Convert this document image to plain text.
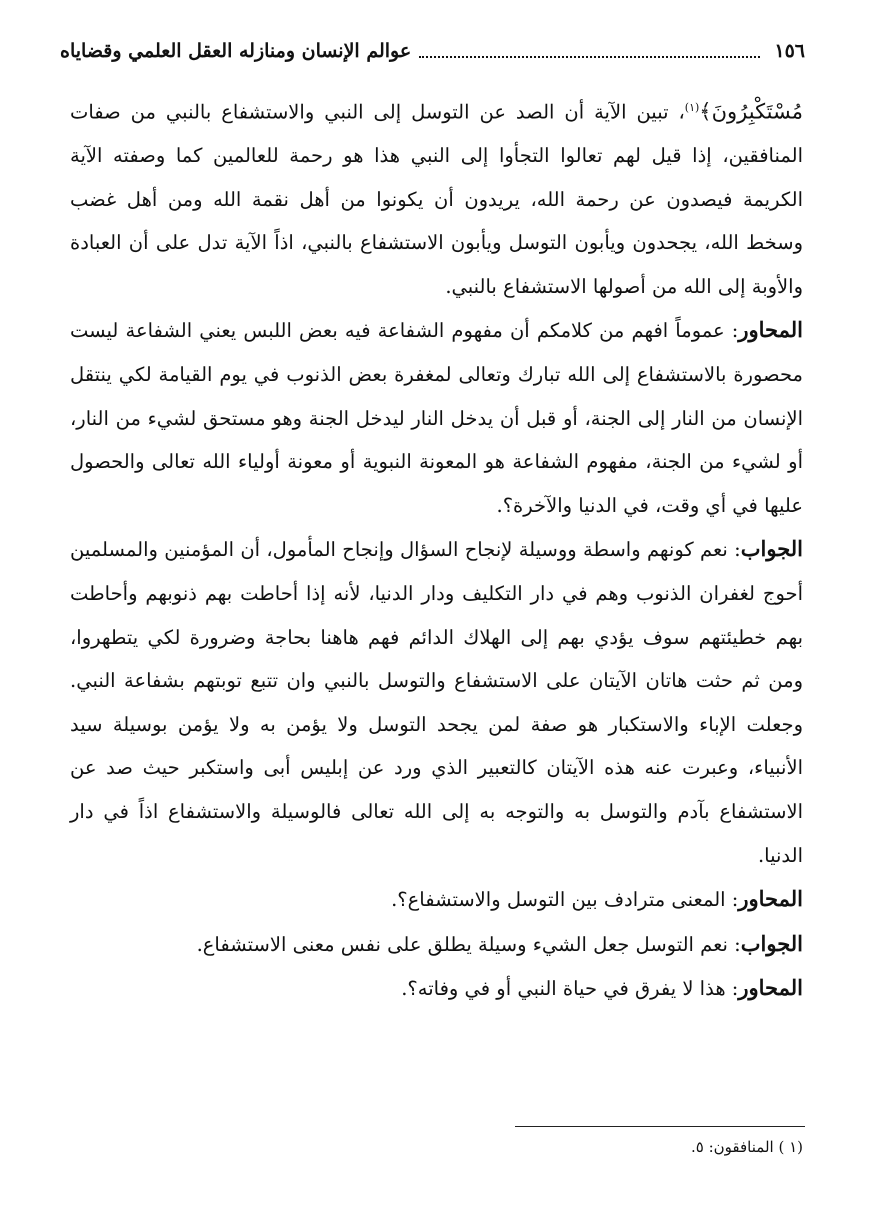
١٥٦
عوالم الإنسان ومنازله العقل العلمي وقضاياه

مُسْتَكْبِرُونَ﴾$^{(١)}$، تبين الآية أن الصد عن التوسل إلى النبي والاستشفاع بالنبي من صفات المنافقين، إذا قيل لهم تعالوا التجأوا إلى النبي هذا هو رحمة للعالمين كما وصفته الآية الكريمة فيصدون عن رحمة الله، يريدون أن يكونوا من أهل نقمة الله ومن أهل غضب وسخط الله، يجحدون ويأبون التوسل ويأبون الاستشفاع بالنبي، اذاً الآية تدل على أن العبادة والأوبة إلى الله من أصولها الاستشفاع بالنبي.

المحاور: عموماً افهم من كلامكم أن مفهوم الشفاعة فيه بعض اللبس يعني الشفاعة ليست محصورة بالاستشفاع إلى الله تبارك وتعالى لمغفرة بعض الذنوب في يوم القيامة لكي ينتقل الإنسان من النار إلى الجنة، أو قبل أن يدخل النار ليدخل الجنة وهو مستحق لشيء من النار، أو لشيء من الجنة، مفهوم الشفاعة هو المعونة النبوية أو معونة أولياء الله تعالى والحصول عليها في أي وقت، في الدنيا والآخرة؟.

الجواب: نعم كونهم واسطة ووسيلة لإنجاح السؤال وإنجاح المأمول، أن المؤمنين والمسلمين أحوج لغفران الذنوب وهم في دار التكليف ودار الدنيا، لأنه إذا أحاطت بهم ذنوبهم وأحاطت بهم خطيئتهم سوف يؤدي بهم إلى الهلاك الدائم فهم هاهنا بحاجة وضرورة لكي يتطهروا، ومن ثم حثت هاتان الآيتان على الاستشفاع والتوسل بالنبي وان تتبع توبتهم بشفاعة النبي. وجعلت الإباء والاستكبار هو صفة لمن يجحد التوسل ولا يؤمن به ولا يؤمن بوسيلة سيد الأنبياء، وعبرت عنه هذه الآيتان كالتعبير الذي ورد عن إبليس أبى واستكبر حيث صد عن الاستشفاع بآدم والتوسل به والتوجه به إلى الله تعالى فالوسيلة والاستشفاع اذاً في دار الدنيا.

المحاور: المعنى مترادف بين التوسل والاستشفاع؟.

الجواب: نعم التوسل جعل الشيء وسيلة يطلق على نفس معنى الاستشفاع.

المحاور: هذا لا يفرق في حياة النبي أو في وفاته؟.

(١ ) المنافقون: ٥.
